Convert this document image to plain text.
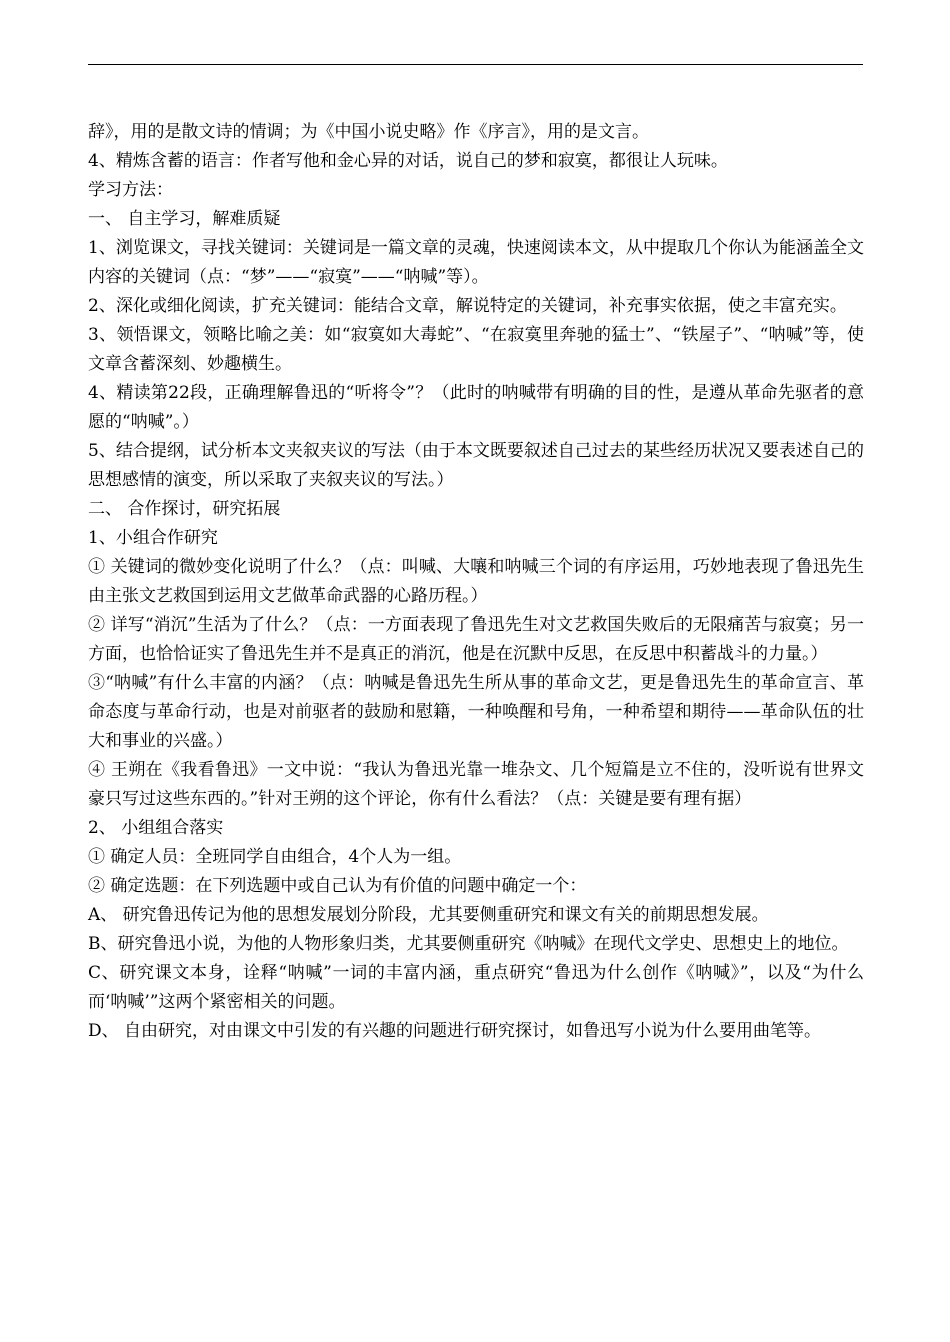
辞》，用的是散文诗的情调；为《中国小说史略》作《序言》，用的是文言。

4、精炼含蓄的语言：作者写他和金心异的对话，说自己的梦和寂寞，都很让人玩味。

学习方法：

一、 自主学习，解难质疑

1、浏览课文，寻找关键词：关键词是一篇文章的灵魂，快速阅读本文，从中提取几个你认为能涵盖全文内容的关键词（点：“梦”——“寂寞”——“呐喊”等）。

2、深化或细化阅读，扩充关键词：能结合文章，解说特定的关键词，补充事实依据，使之丰富充实。

3、领悟课文，领略比喻之美：如“寂寞如大毒蛇”、“在寂寞里奔驰的猛士”、“铁屋子”、“呐喊”等，使文章含蓄深刻、妙趣横生。

4、精读第22段，正确理解鲁迅的“听将令”？（此时的呐喊带有明确的目的性，是遵从革命先驱者的意愿的“呐喊”。）

5、结合提纲，试分析本文夹叙夹议的写法（由于本文既要叙述自己过去的某些经历状况又要表述自己的思想感情的演变，所以采取了夹叙夹议的写法。）

二、 合作探讨，研究拓展

1、小组合作研究

① 关键词的微妙变化说明了什么？（点：叫喊、大嚷和呐喊三个词的有序运用，巧妙地表现了鲁迅先生由主张文艺救国到运用文艺做革命武器的心路历程。）

② 详写“消沉”生活为了什么？（点：一方面表现了鲁迅先生对文艺救国失败后的无限痛苦与寂寞；另一方面，也恰恰证实了鲁迅先生并不是真正的消沉，他是在沉默中反思，在反思中积蓄战斗的力量。）

③“呐喊”有什么丰富的内涵？（点：呐喊是鲁迅先生所从事的革命文艺，更是鲁迅先生的革命宣言、革命态度与革命行动，也是对前驱者的鼓励和慰籍，一种唤醒和号角，一种希望和期待——革命队伍的壮大和事业的兴盛。）

④ 王朔在《我看鲁迅》一文中说：“我认为鲁迅光靠一堆杂文、几个短篇是立不住的，没听说有世界文豪只写过这些东西的。”针对王朔的这个评论，你有什么看法？（点：关键是要有理有据）

2、 小组组合落实

① 确定人员：全班同学自由组合，4个人为一组。

② 确定选题：在下列选题中或自己认为有价值的问题中确定一个：

A、 研究鲁迅传记为他的思想发展划分阶段，尤其要侧重研究和课文有关的前期思想发展。

B、研究鲁迅小说，为他的人物形象归类，尤其要侧重研究《呐喊》在现代文学史、思想史上的地位。

C、研究课文本身，诠释“呐喊”一词的丰富内涵，重点研究“鲁迅为什么创作《呐喊》”，以及“为什么而‘呐喊’”这两个紧密相关的问题。

D、 自由研究，对由课文中引发的有兴趣的问题进行研究探讨，如鲁迅写小说为什么要用曲笔等。
